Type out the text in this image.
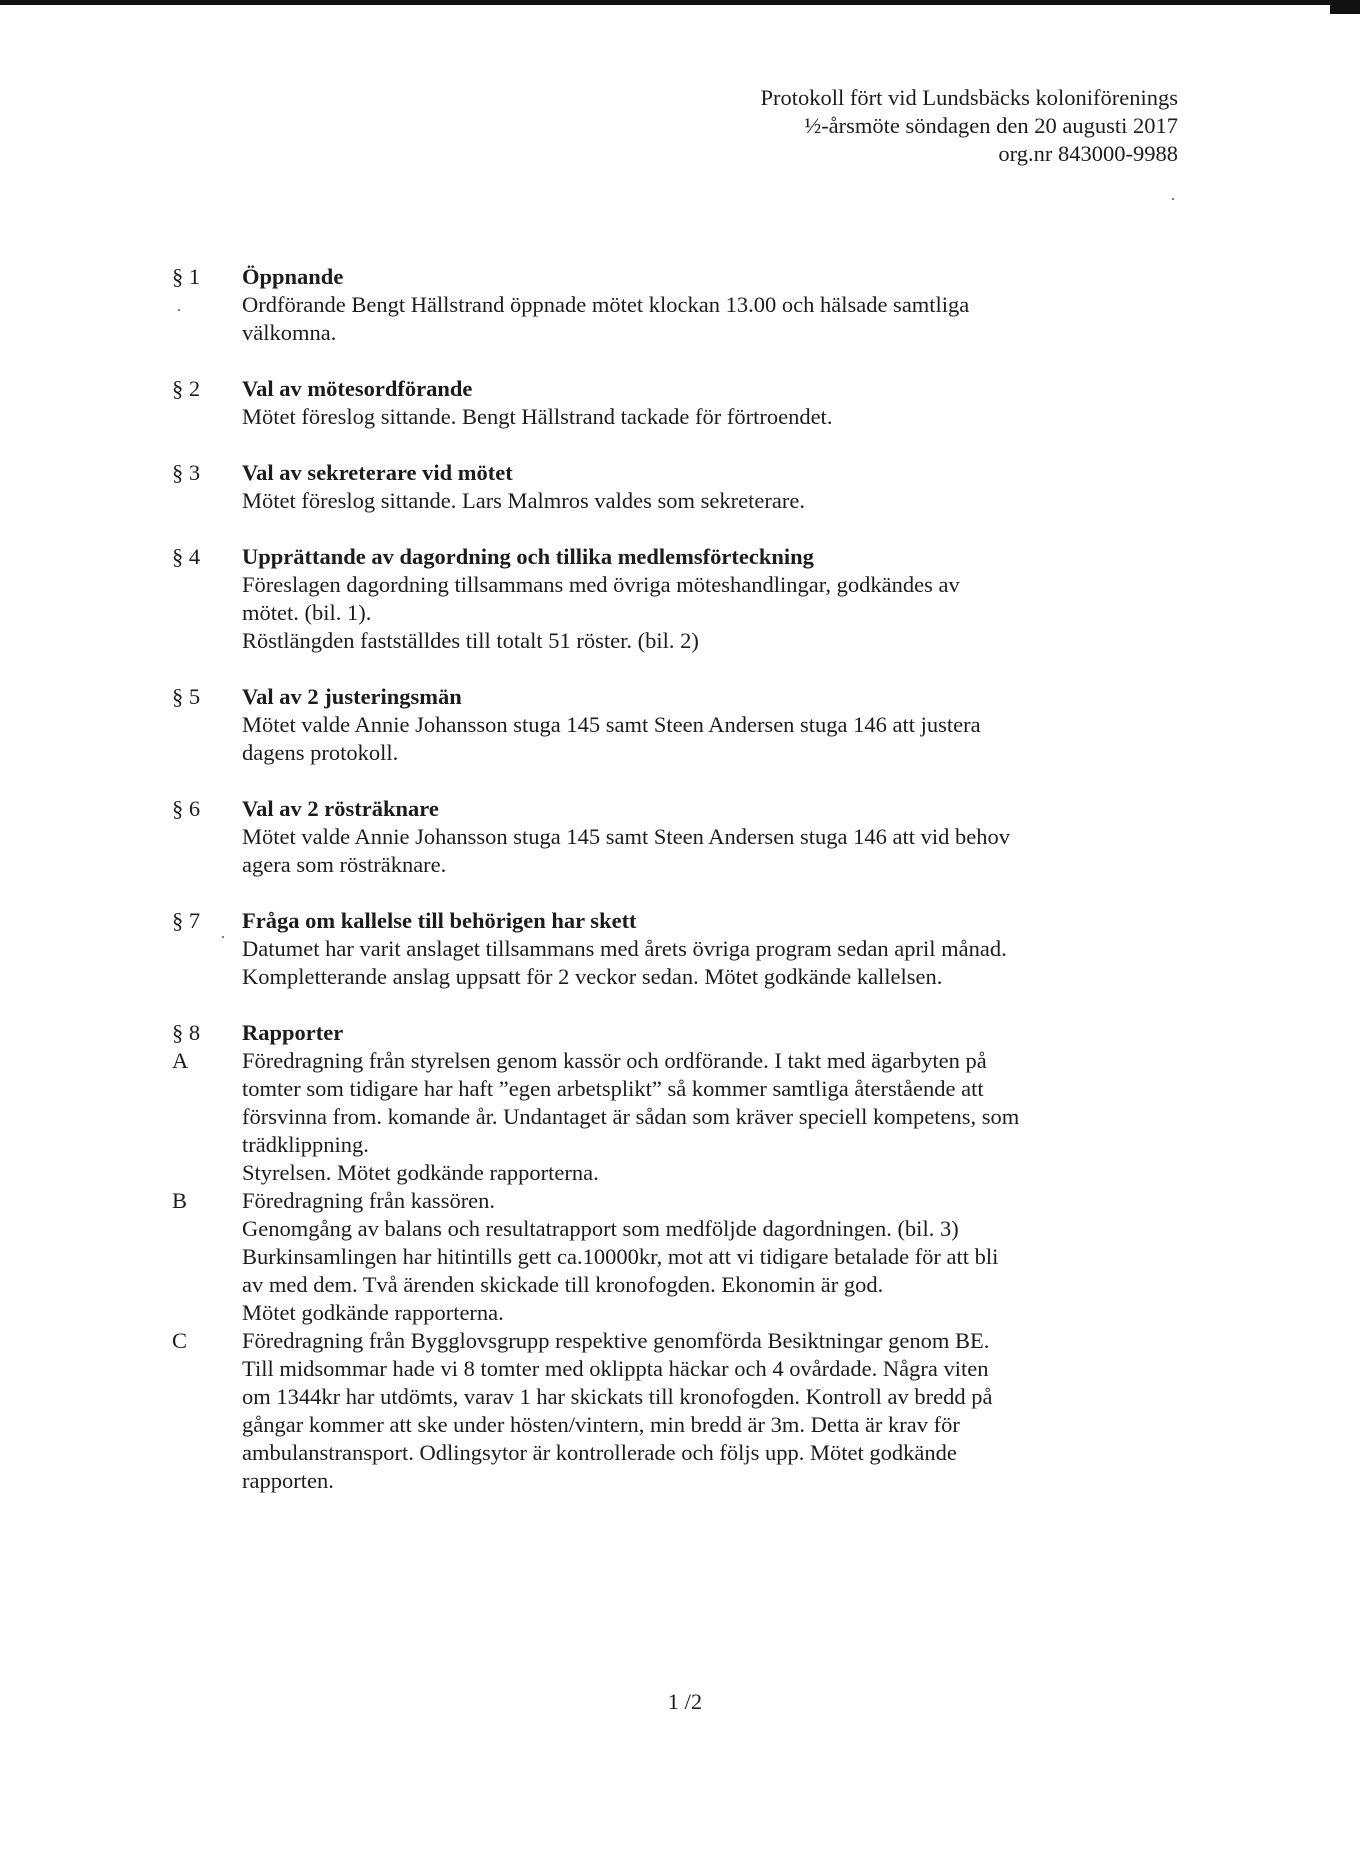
Protokoll fört vid Lundsbäcks koloniförenings
½-årsmöte söndagen den 20 augusti 2017
org.nr 843000-9988
§ 1	Öppnande
Ordförande Bengt Hällstrand öppnade mötet klockan 13.00 och hälsade samtliga
välkomna.
§ 2	Val av mötesordförande
Mötet föreslog sittande. Bengt Hällstrand tackade för förtroendet.
§ 3	Val av sekreterare vid mötet
Mötet föreslog sittande. Lars Malmros valdes som sekreterare.
§ 4	Upprättande av dagordning och tillika medlemsförteckning
Föreslagen dagordning tillsammans med övriga möteshandlingar, godkändes av
mötet. (bil. 1).
Röstlängden fastställdes till totalt 51 röster. (bil. 2)
§ 5	Val av 2 justeringsmän
Mötet valde Annie Johansson stuga 145 samt Steen Andersen stuga 146 att justera
dagens protokoll.
§ 6	Val av 2 rösträknare
Mötet valde Annie Johansson stuga 145 samt Steen Andersen stuga 146 att vid behov
agera som rösträknare.
§ 7	Fråga om kallelse till behörigen har skett
Datumet har varit anslaget tillsammans med årets övriga program sedan april månad.
Kompletterande anslag uppsatt för 2 veckor sedan. Mötet godkände kallelsen.
§ 8	Rapporter
A	Föredragning från styrelsen genom kassör och ordförande. I takt med ägarbyten på
tomter som tidigare har haft ”egen arbetsplikt” så kommer samtliga återstående att
försvinna from. komande år. Undantaget är sådan som kräver speciell kompetens, som
trädklippning.
Styrelsen. Mötet godkände rapporterna.
B	Föredragning från kassören.
Genomgång av balans och resultatrapport som medföljde dagordningen. (bil. 3)
Burkinsamlingen har hitintills gett ca.10000kr, mot att vi tidigare betalade för att bli
av med dem. Två ärenden skickade till kronofogden. Ekonomin är god.
Mötet godkände rapporterna.
C	Föredragning från Bygglovsgrupp respektive genomförda Besiktningar genom BE.
Till midsommar hade vi 8 tomter med oklippta häckar och 4 ovårdade. Några viten
om 1344kr har utdömts, varav 1 har skickats till kronofogden. Kontroll av bredd på
gångar kommer att ske under hösten/vintern, min bredd är 3m. Detta är krav för
ambulanstransport. Odlingsytor är kontrollerade och följs upp. Mötet godkände
rapporten.
1 /2
